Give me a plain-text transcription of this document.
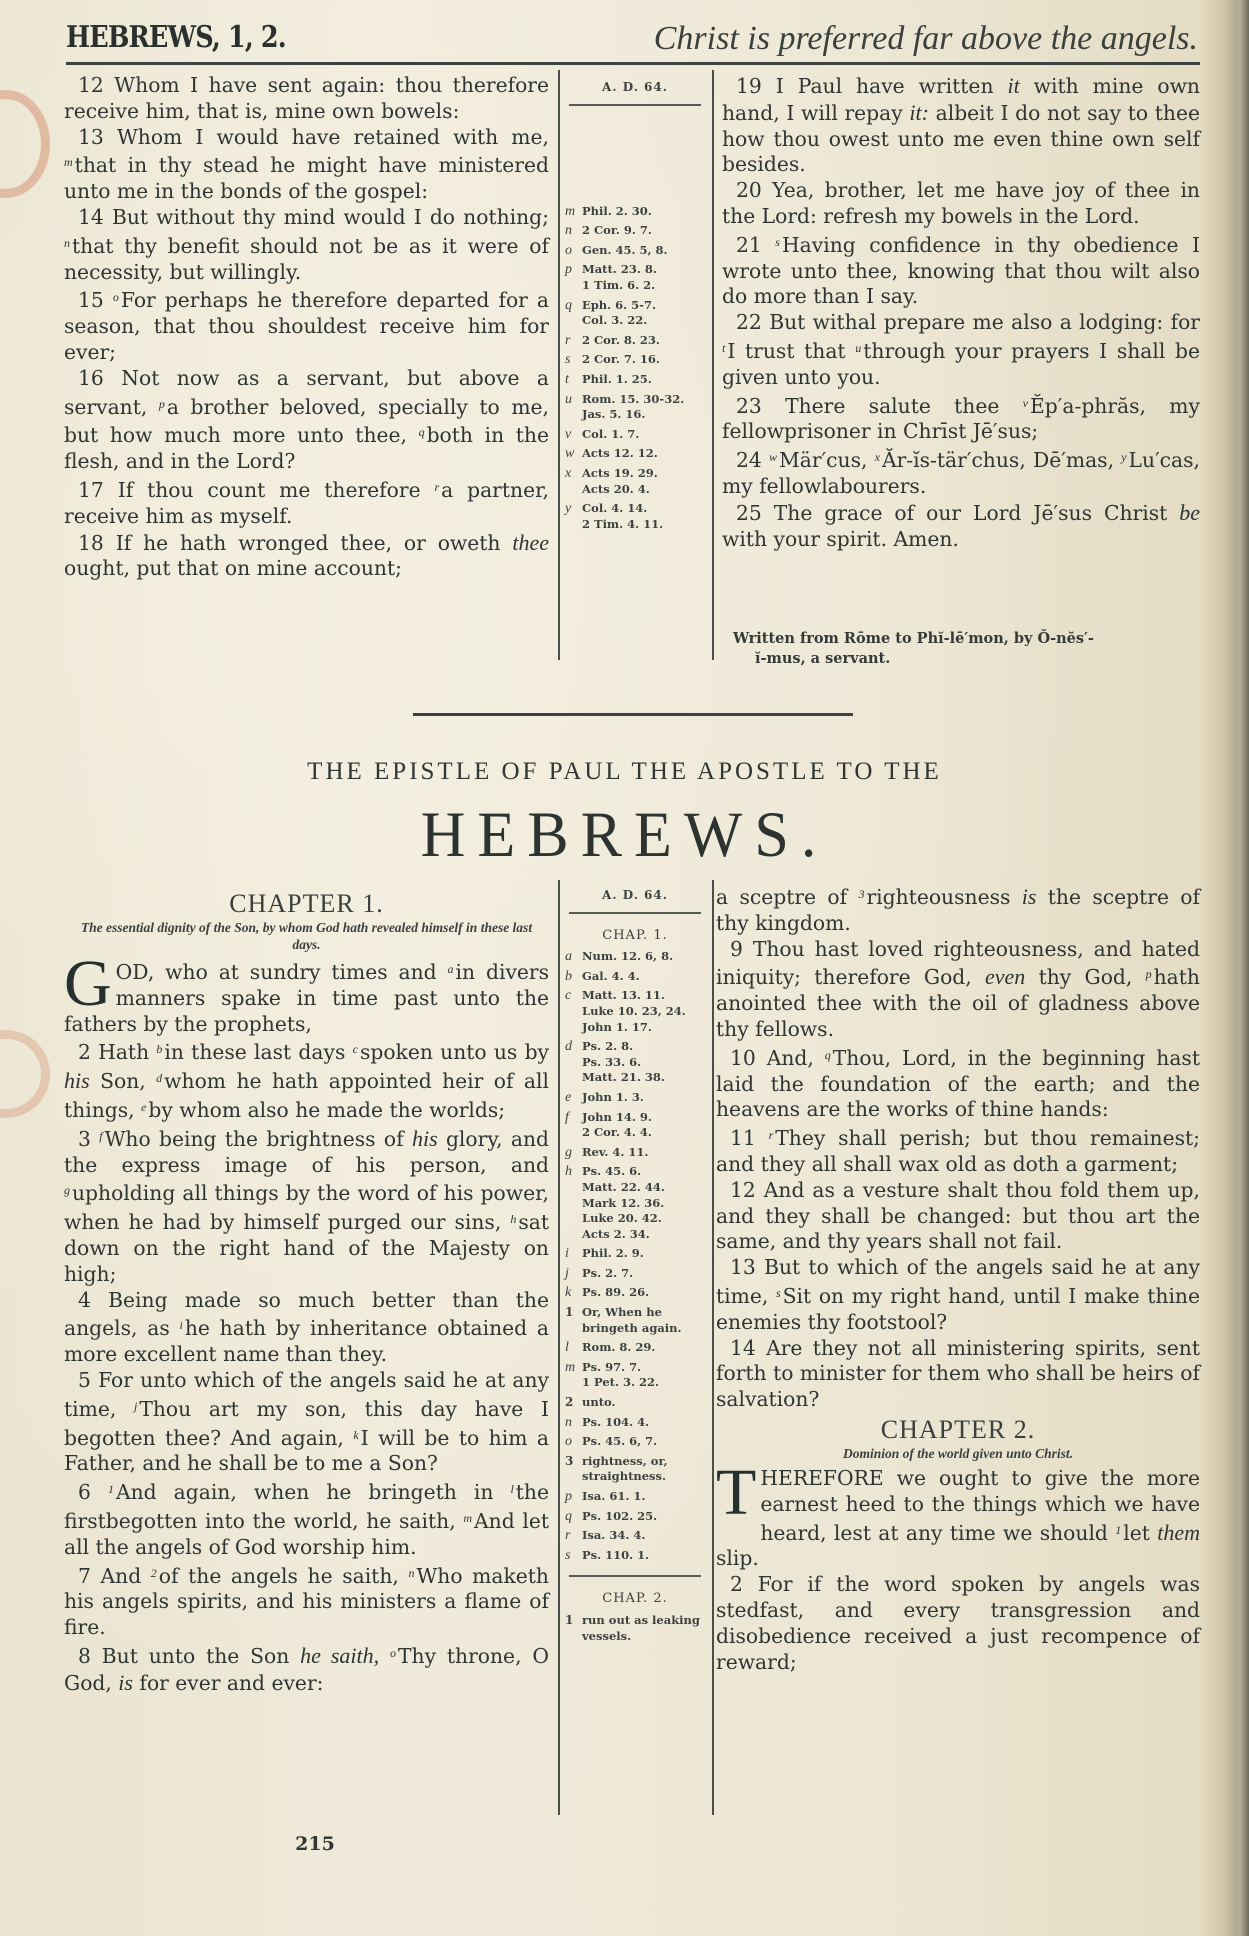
HEBREWS, 1, 2.	Christ is preferred far above the angels.

12 Whom I have sent again: thou therefore receive him, that is, mine own bowels:

13 Whom I would have retained with me, $^m$that in thy stead he might have ministered unto me in the bonds of the gospel:

14 But without thy mind would I do nothing; $^n$that thy benefit should not be as it were of necessity, but willingly.

15 $^o$For perhaps he therefore departed for a season, that thou shouldest receive him for ever;

16 Not now as a servant, but above a servant, $^p$a brother beloved, specially to me, but how much more unto thee, $^q$both in the flesh, and in the Lord?

17 If thou count me therefore $^r$a partner, receive him as myself.

18 If he hath wronged thee, or oweth thee ought, put that on mine account;

A. D. 64.
m Phil. 2. 30.
n 2 Cor. 9. 7.
o Gen. 45. 5, 8.
p Matt. 23. 8.
1 Tim. 6. 2.
q Eph. 6. 5-7.
Col. 3. 22.
r 2 Cor. 8. 23.
s 2 Cor. 7. 16.
t Phil. 1. 25.
u Rom. 15. 30-32.
Jas. 5. 16.
v Col. 1. 7.
w Acts 12. 12.
x Acts 19. 29.
Acts 20. 4.
y Col. 4. 14.
2 Tim. 4. 11.

19 I Paul have written it with mine own hand, I will repay it: albeit I do not say to thee how thou owest unto me even thine own self besides.

20 Yea, brother, let me have joy of thee in the Lord: refresh my bowels in the Lord.

21 $^s$Having confidence in thy obedience I wrote unto thee, knowing that thou wilt also do more than I say.

22 But withal prepare me also a lodging: for $^t$I trust that $^u$through your prayers I shall be given unto you.

23 There salute thee $^v$Ĕp′a-phrăs, my fellowprisoner in Chrīst Jē′sus;

24 $^w$Mär′cus, $^x$Ăr-ĭs-tär′chus, Dē′mas, $^y$Lu′cas, my fellowlabourers.

25 The grace of our Lord Jē′sus Christ be with your spirit. Amen.

Written from Rōme to Phĭ-lē′mon, by Ŏ-nĕs′-
ĭ-mus, a servant.
THE EPISTLE OF PAUL THE APOSTLE TO THE
HEBREWS.
CHAPTER 1.
The essential dignity of the Son, by whom God hath revealed himself in these last days.

GOD, who at sundry times and $^a$in divers manners spake in time past unto the fathers by the prophets,

2 Hath $^b$in these last days $^c$spoken unto us by his Son, $^d$whom he hath appointed heir of all things, $^e$by whom also he made the worlds;

3 $^f$Who being the brightness of his glory, and the express image of his person, and $^g$upholding all things by the word of his power, when he had by himself purged our sins, $^h$sat down on the right hand of the Majesty on high;

4 Being made so much better than the angels, as $^i$he hath by inheritance obtained a more excellent name than they.

5 For unto which of the angels said he at any time, $^j$Thou art my son, this day have I begotten thee? And again, $^k$I will be to him a Father, and he shall be to me a Son?

6 $^1$And again, when he bringeth in $^l$the firstbegotten into the world, he saith, $^m$And let all the angels of God worship him.

7 And $^2$of the angels he saith, $^n$Who maketh his angels spirits, and his ministers a flame of fire.

8 But unto the Son he saith, $^o$Thy throne, O God, is for ever and ever:

A. D. 64.
CHAP. 1.
a Num. 12. 6, 8.
b Gal. 4. 4.
c Matt. 13. 11.
Luke 10. 23, 24.
John 1. 17.
d Ps. 2. 8.
Ps. 33. 6.
Matt. 21. 38.
e John 1. 3.
f John 14. 9.
2 Cor. 4. 4.
g Rev. 4. 11.
h Ps. 45. 6.
Matt. 22. 44.
Mark 12. 36.
Luke 20. 42.
Acts 2. 34.
i Phil. 2. 9.
j Ps. 2. 7.
k Ps. 89. 26.
1 Or, When he bringeth again.
l Rom. 8. 29.
m Ps. 97. 7.
1 Pet. 3. 22.
2 unto.
n Ps. 104. 4.
o Ps. 45. 6, 7.
3 rightness, or, straightness.
p Isa. 61. 1.
q Ps. 102. 25.
r Isa. 34. 4.
s Ps. 110. 1.
CHAP. 2.
1 run out as leaking vessels.

a sceptre of $^3$righteousness is the sceptre of thy kingdom.

9 Thou hast loved righteousness, and hated iniquity; therefore God, even thy God, $^p$hath anointed thee with the oil of gladness above thy fellows.

10 And, $^q$Thou, Lord, in the beginning hast laid the foundation of the earth; and the heavens are the works of thine hands:

11 $^r$They shall perish; but thou remainest; and they all shall wax old as doth a garment;

12 And as a vesture shalt thou fold them up, and they shall be changed: but thou art the same, and thy years shall not fail.

13 But to which of the angels said he at any time, $^s$Sit on my right hand, until I make thine enemies thy footstool?

14 Are they not all ministering spirits, sent forth to minister for them who shall be heirs of salvation?

CHAPTER 2.
Dominion of the world given unto Christ.

THEREFORE we ought to give the more earnest heed to the things which we have heard, lest at any time we should $^1$let them slip.

2 For if the word spoken by angels was stedfast, and every transgression and disobedience received a just recompence of reward;

215
